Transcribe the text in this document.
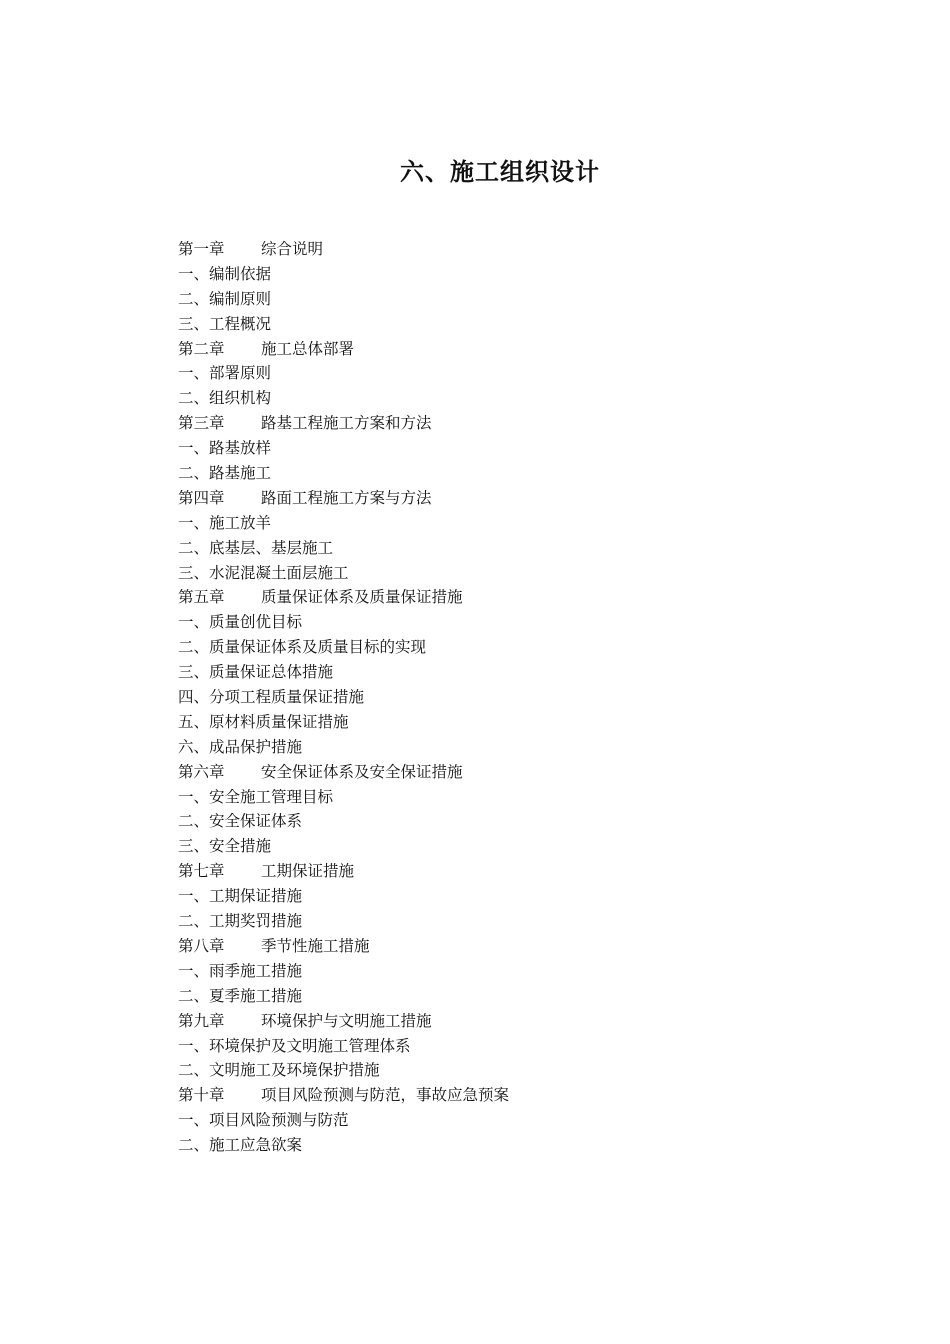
六、施工组织设计
第一章 综合说明
一、编制依据
二、编制原则
三、工程概况
第二章 施工总体部署
一、部署原则
二、组织机构
第三章 路基工程施工方案和方法
一、路基放样
二、路基施工
第四章 路面工程施工方案与方法
一、施工放羊
二、底基层、基层施工
三、水泥混凝土面层施工
第五章 质量保证体系及质量保证措施
一、质量创优目标
二、质量保证体系及质量目标的实现
三、质量保证总体措施
四、分项工程质量保证措施
五、原材料质量保证措施
六、成品保护措施
第六章 安全保证体系及安全保证措施
一、安全施工管理目标
二、安全保证体系
三、安全措施
第七章 工期保证措施
一、工期保证措施
二、工期奖罚措施
第八章 季节性施工措施
一、雨季施工措施
二、夏季施工措施
第九章 环境保护与文明施工措施
一、环境保护及文明施工管理体系
二、文明施工及环境保护措施
第十章 项目风险预测与防范，事故应急预案
一、项目风险预测与防范
二、施工应急欲案
